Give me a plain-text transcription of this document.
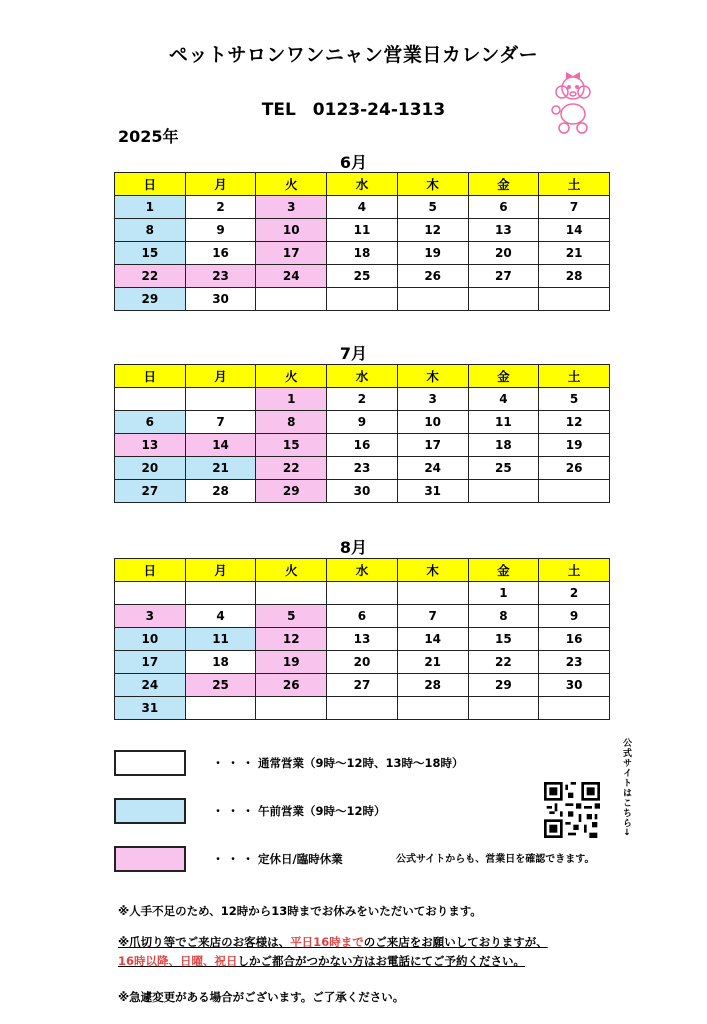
ペットサロンワンニャン営業日カレンダー
TEL　0123-24-1313
2025年
6月
日	月	火	水	木	金	土
1	2	3	4	5	6	7
8	9	10	11	12	13	14
15	16	17	18	19	20	21
22	23	24	25	26	27	28
29	30					
7月
日	月	火	水	木	金	土
		1	2	3	4	5
6	7	8	9	10	11	12
13	14	15	16	17	18	19
20	21	22	23	24	25	26
27	28	29	30	31		
8月
日	月	火	水	木	金	土
					1	2
3	4	5	6	7	8	9
10	11	12	13	14	15	16
17	18	19	20	21	22	23
24	25	26	27	28	29	30
31						
・・・ 通常営業（9時～12時、13時～18時）
・・・ 午前営業（9時～12時）
・・・ 定休日/臨時休業
公式サイトはこちら→
公式サイトからも、営業日を確認できます。
※人手不足のため、12時から13時までお休みをいただいております。
※爪切り等でご来店のお客様は、平日16時までのご来店をお願いしておりますが、
16時以降、日曜、祝日しかご都合がつかない方はお電話にてご予約ください。
※急遽変更がある場合がございます。ご了承ください。
